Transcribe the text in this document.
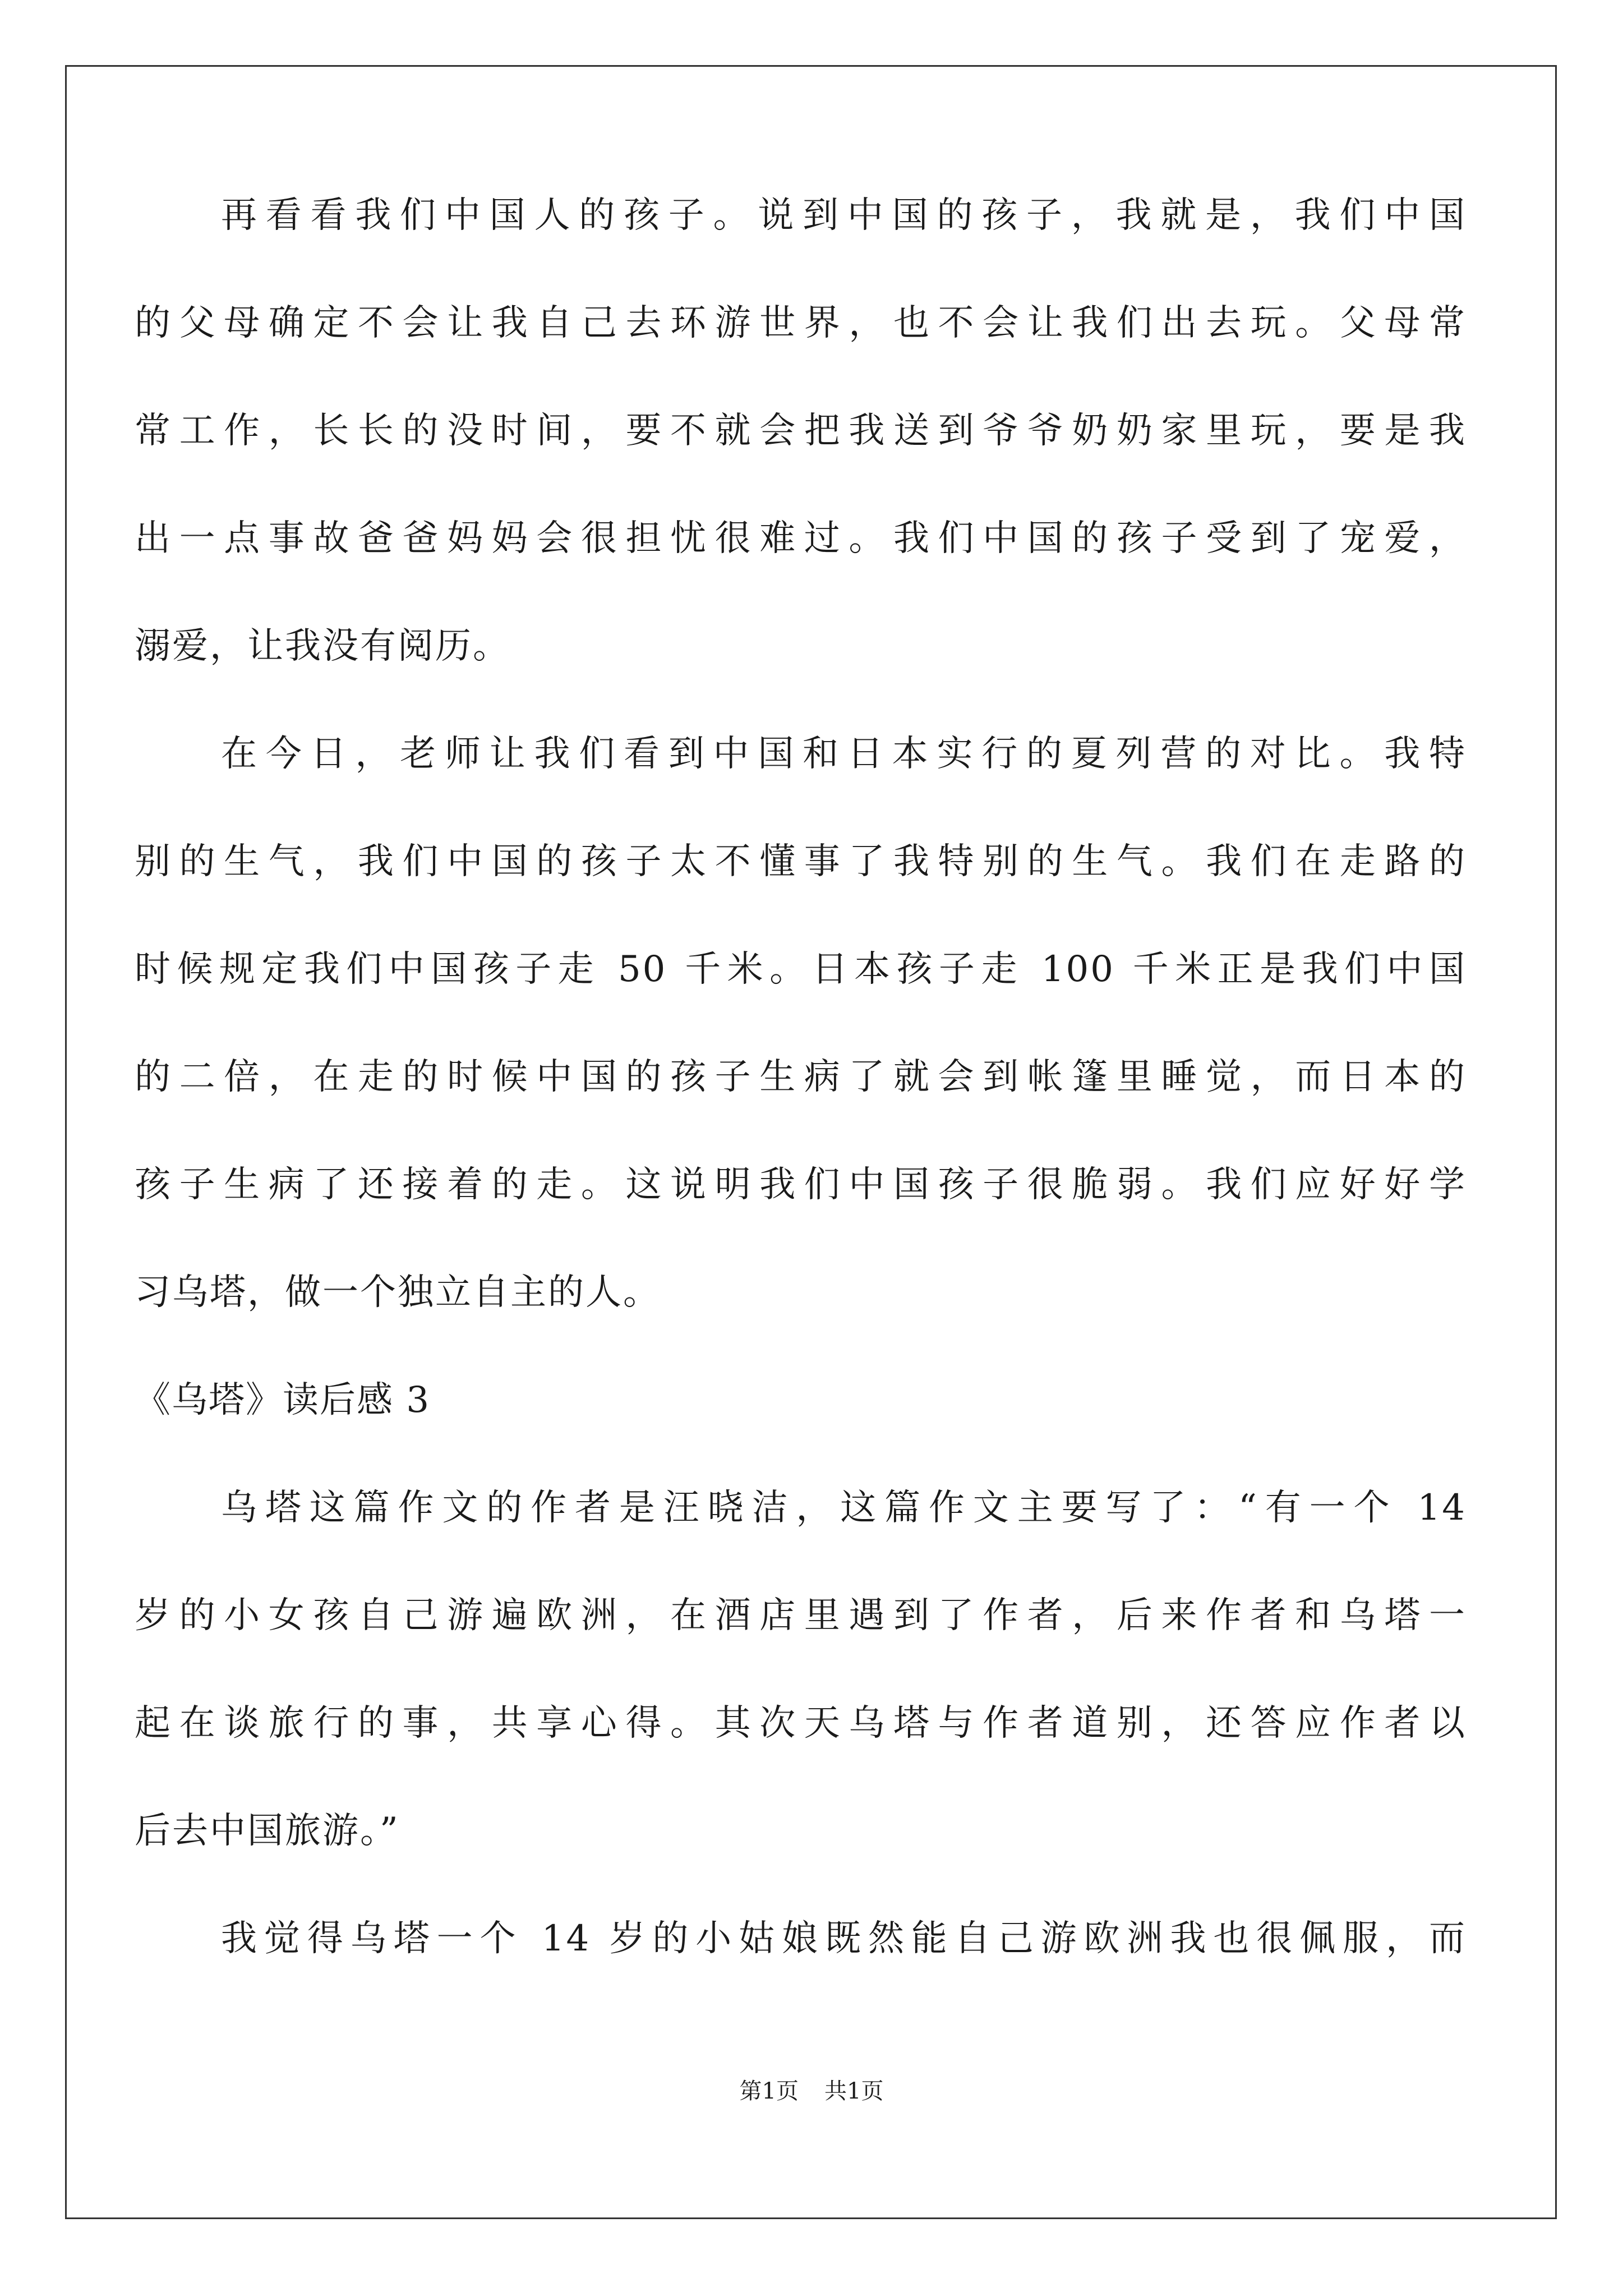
再看看我们中国人的孩子。说到中国的孩子，我就是，我们中国
的父母确定不会让我自己去环游世界，也不会让我们出去玩。父母常
常工作，长长的没时间，要不就会把我送到爷爷奶奶家里玩，要是我
出一点事故爸爸妈妈会很担忧很难过。我们中国的孩子受到了宠爱，
溺爱，让我没有阅历。
在今日，老师让我们看到中国和日本实行的夏列营的对比。我特
别的生气，我们中国的孩子太不懂事了我特别的生气。我们在走路的
时候规定我们中国孩子走 50 千米。日本孩子走 100 千米正是我们中国
的二倍，在走的时候中国的孩子生病了就会到帐篷里睡觉，而日本的
孩子生病了还接着的走。这说明我们中国孩子很脆弱。我们应好好学
习乌塔，做一个独立自主的人。
《乌塔》读后感 3
乌塔这篇作文的作者是汪晓洁，这篇作文主要写了：“有一个 14
岁的小女孩自己游遍欧洲，在酒店里遇到了作者，后来作者和乌塔一
起在谈旅行的事，共享心得。其次天乌塔与作者道别，还答应作者以
后去中国旅游。”
我觉得乌塔一个 14 岁的小姑娘既然能自己游欧洲我也很佩服，而
第1页 共1页
